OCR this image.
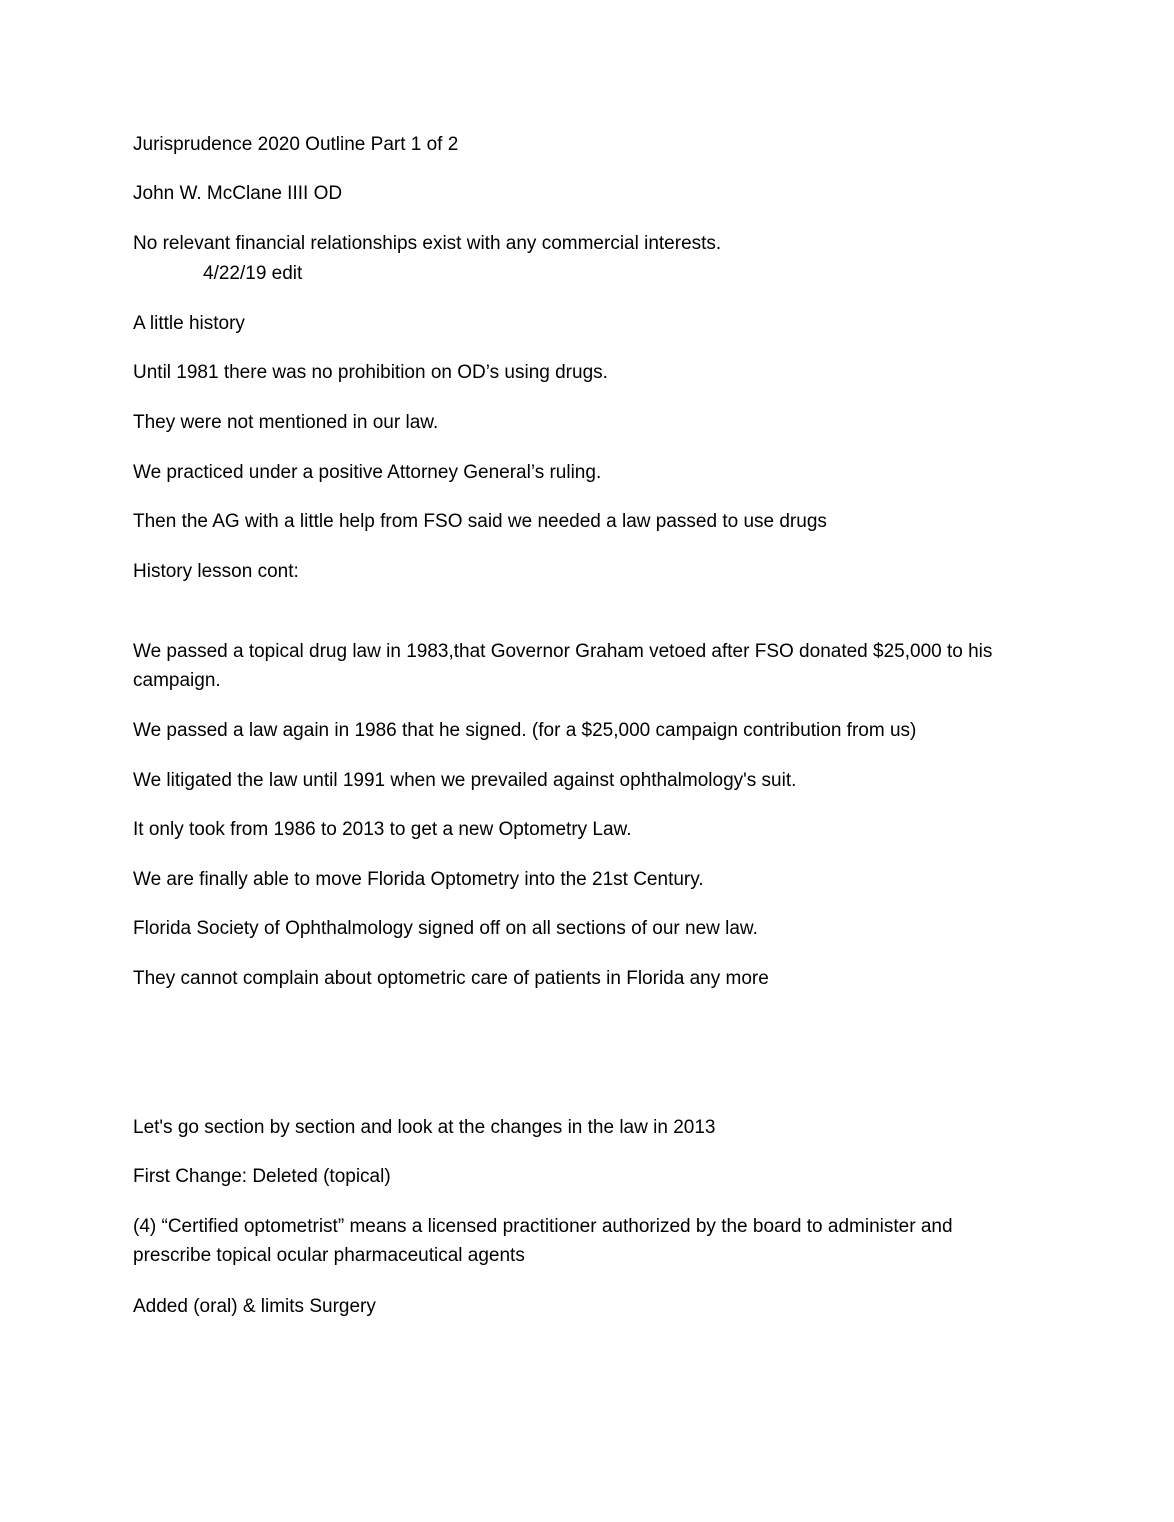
Jurisprudence 2020 Outline Part 1 of 2
John W. McClane IIII OD
No relevant financial relationships exist with any commercial interests.
4/22/19 edit
A little history
Until 1981 there was no prohibition on OD’s using drugs.
They were not mentioned in our law.
We practiced under a positive Attorney General’s ruling.
Then the AG with a little help from FSO said we needed a law passed to use drugs
History lesson cont:
We passed a topical drug law in 1983,that Governor Graham vetoed after FSO donated $25,000 to his campaign.
We passed a law again in 1986 that he signed. (for a $25,000 campaign contribution from us)
We litigated the law until 1991 when we prevailed against ophthalmology's suit.
It only took from 1986 to 2013 to get a new Optometry Law.
We are finally able to move Florida Optometry into the 21st Century.
Florida Society of Ophthalmology signed off on all sections of our new law.
They cannot complain about optometric care of patients in Florida any more
Let's go section by section and look at the changes in the law in 2013
First Change: Deleted (topical)
(4) “Certified optometrist” means a licensed practitioner authorized by the board to administer and prescribe topical ocular pharmaceutical agents
Added (oral) & limits Surgery
